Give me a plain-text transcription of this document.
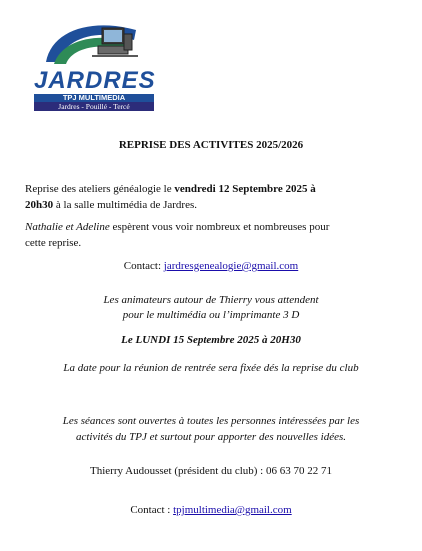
JARDRES
TPJ MULTIMEDIA
Jardres - Pouillé - Tercé

REPRISE DES ACTIVITES 2025/2026

Reprise des ateliers généalogie le vendredi 12 Septembre 2025 à

20h30 à la salle multimédia de Jardres.

Nathalie et Adeline espèrent vous voir nombreux et nombreuses pour

cette reprise.

Contact: jardresgenealogie@gmail.com

Les animateurs autour de Thierry vous attendent

pour le multimédia ou l’imprimante 3 D

Le LUNDI 15 Septembre 2025 à 20H30

La date pour la réunion de rentrée sera fixée dés la reprise du club

Les séances sont ouvertes à toutes les personnes intéressées par les

activités du TPJ et surtout pour apporter des nouvelles idées.

Thierry Audousset (président du club) : 06 63 70 22 71

Contact : tpjmultimedia@gmail.com
